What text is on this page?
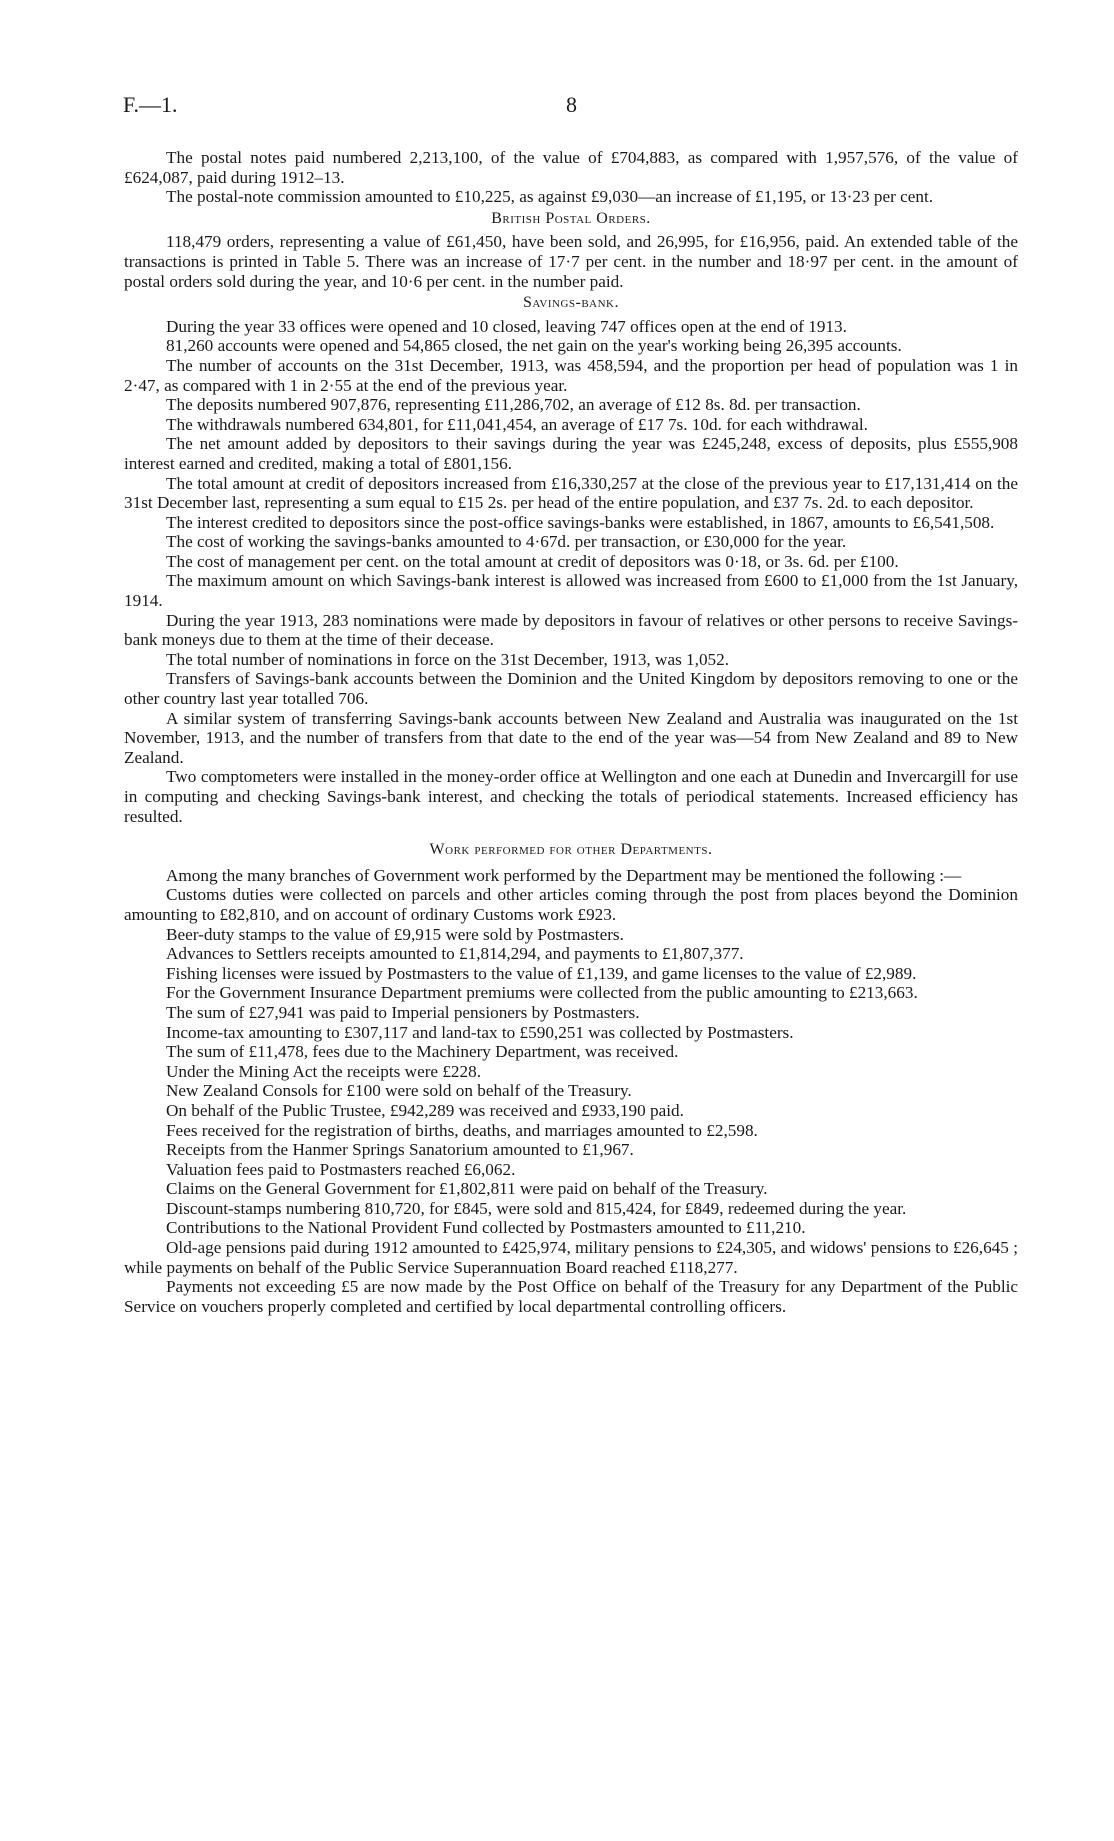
F.—1.	8

The postal notes paid numbered 2,213,100, of the value of £704,883, as compared with 1,957,576, of the value of £624,087, paid during 1912–13.

The postal-note commission amounted to £10,225, as against £9,030—an increase of £1,195, or 13·23 per cent.

British Postal Orders.

118,479 orders, representing a value of £61,450, have been sold, and 26,995, for £16,956, paid. An extended table of the transactions is printed in Table 5. There was an increase of 17·7 per cent. in the number and 18·97 per cent. in the amount of postal orders sold during the year, and 10·6 per cent. in the number paid.

Savings-bank.

During the year 33 offices were opened and 10 closed, leaving 747 offices open at the end of 1913.

81,260 accounts were opened and 54,865 closed, the net gain on the year's working being 26,395 accounts.

The number of accounts on the 31st December, 1913, was 458,594, and the proportion per head of population was 1 in 2·47, as compared with 1 in 2·55 at the end of the previous year.

The deposits numbered 907,876, representing £11,286,702, an average of £12 8s. 8d. per transaction.

The withdrawals numbered 634,801, for £11,041,454, an average of £17 7s. 10d. for each withdrawal.

The net amount added by depositors to their savings during the year was £245,248, excess of deposits, plus £555,908 interest earned and credited, making a total of £801,156.

The total amount at credit of depositors increased from £16,330,257 at the close of the previous year to £17,131,414 on the 31st December last, representing a sum equal to £15 2s. per head of the entire population, and £37 7s. 2d. to each depositor.

The interest credited to depositors since the post-office savings-banks were established, in 1867, amounts to £6,541,508.

The cost of working the savings-banks amounted to 4·67d. per transaction, or £30,000 for the year.

The cost of management per cent. on the total amount at credit of depositors was 0·18, or 3s. 6d. per £100.

The maximum amount on which Savings-bank interest is allowed was increased from £600 to £1,000 from the 1st January, 1914.

During the year 1913, 283 nominations were made by depositors in favour of relatives or other persons to receive Savings-bank moneys due to them at the time of their decease.

The total number of nominations in force on the 31st December, 1913, was 1,052.

Transfers of Savings-bank accounts between the Dominion and the United Kingdom by depositors removing to one or the other country last year totalled 706.

A similar system of transferring Savings-bank accounts between New Zealand and Australia was inaugurated on the 1st November, 1913, and the number of transfers from that date to the end of the year was—54 from New Zealand and 89 to New Zealand.

Two comptometers were installed in the money-order office at Wellington and one each at Dunedin and Invercargill for use in computing and checking Savings-bank interest, and checking the totals of periodical statements. Increased efficiency has resulted.

Work performed for other Departments.

Among the many branches of Government work performed by the Department may be mentioned the following :—

Customs duties were collected on parcels and other articles coming through the post from places beyond the Dominion amounting to £82,810, and on account of ordinary Customs work £923.

Beer-duty stamps to the value of £9,915 were sold by Postmasters.

Advances to Settlers receipts amounted to £1,814,294, and payments to £1,807,377.

Fishing licenses were issued by Postmasters to the value of £1,139, and game licenses to the value of £2,989.

For the Government Insurance Department premiums were collected from the public amounting to £213,663.

The sum of £27,941 was paid to Imperial pensioners by Postmasters.

Income-tax amounting to £307,117 and land-tax to £590,251 was collected by Postmasters.

The sum of £11,478, fees due to the Machinery Department, was received.

Under the Mining Act the receipts were £228.

New Zealand Consols for £100 were sold on behalf of the Treasury.

On behalf of the Public Trustee, £942,289 was received and £933,190 paid.

Fees received for the registration of births, deaths, and marriages amounted to £2,598.

Receipts from the Hanmer Springs Sanatorium amounted to £1,967.

Valuation fees paid to Postmasters reached £6,062.

Claims on the General Government for £1,802,811 were paid on behalf of the Treasury.

Discount-stamps numbering 810,720, for £845, were sold and 815,424, for £849, redeemed during the year.

Contributions to the National Provident Fund collected by Postmasters amounted to £11,210.

Old-age pensions paid during 1912 amounted to £425,974, military pensions to £24,305, and widows' pensions to £26,645 ; while payments on behalf of the Public Service Superannuation Board reached £118,277.

Payments not exceeding £5 are now made by the Post Office on behalf of the Treasury for any Department of the Public Service on vouchers properly completed and certified by local departmental controlling officers.
